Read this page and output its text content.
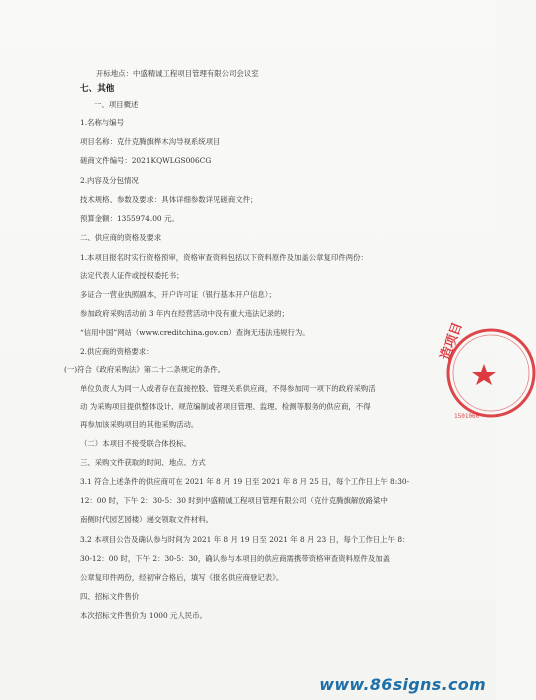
开标地点：中盛精诚工程项目管理有限公司会议室
七、其他
一、项目概述
1.名称与编号
项目名称：克什克腾旗桦木沟导视系统项目
磋商文件编号：2021KQWLGS006CG
2.内容及分包情况
技术规格、参数及要求：具体详细参数详见磋商文件；
预算金额：1355974.00 元。
二、供应商的资格及要求
1.本项目报名时实行资格预审，资格审查资料包括以下资料原件及加盖公章复印件两份：
法定代表人证件或授权委托书；
多证合一营业执照副本，开户许可证（银行基本开户信息）；
参加政府采购活动前 3 年内在经营活动中没有重大违法记录的；
“信用中国”网站（www.creditchina.gov.cn）查询无违法违规行为。
2.供应商的资格要求：
(一)符合《政府采购法》第二十二条规定的条件。
单位负责人为同一人或者存在直接控股、管理关系供应商，不得参加同一项下的政府采购活
动 为采购项目提供整体设计、规范编制或者项目管理、监理、检测等服务的供应商，不得
再参加该采购项目的其他采购活动。
（二）本项目不接受联合体投标。
三、采购文件获取的时间、地点、方式
3.1 符合上述条件的供应商可在 2021 年 8 月 19 日至 2021 年 8 月 25 日，每个工作日上午 8:30-
12：00 时，下午 2：30-5：30 时到中盛精诚工程项目管理有限公司（克什克腾旗解放路粱中
南侧时代园艺园楼）递交领取文件材料。
3.2 本项目公告及确认参与时间为 2021 年 8 月 19 日至 2021 年 8 月 23 日，每个工作日上午 8：
30-12：00 时，下午 2：30-5：30，确认参与本项目的供应商需携带资格审查资料原件及加盖
公章复印件两份，经初审合格后，填写《报名供应商登记表》。
四、招标文件售价
本次招标文件售价为 1000 元人民币。
造项目
1501060
www.86signs.com
